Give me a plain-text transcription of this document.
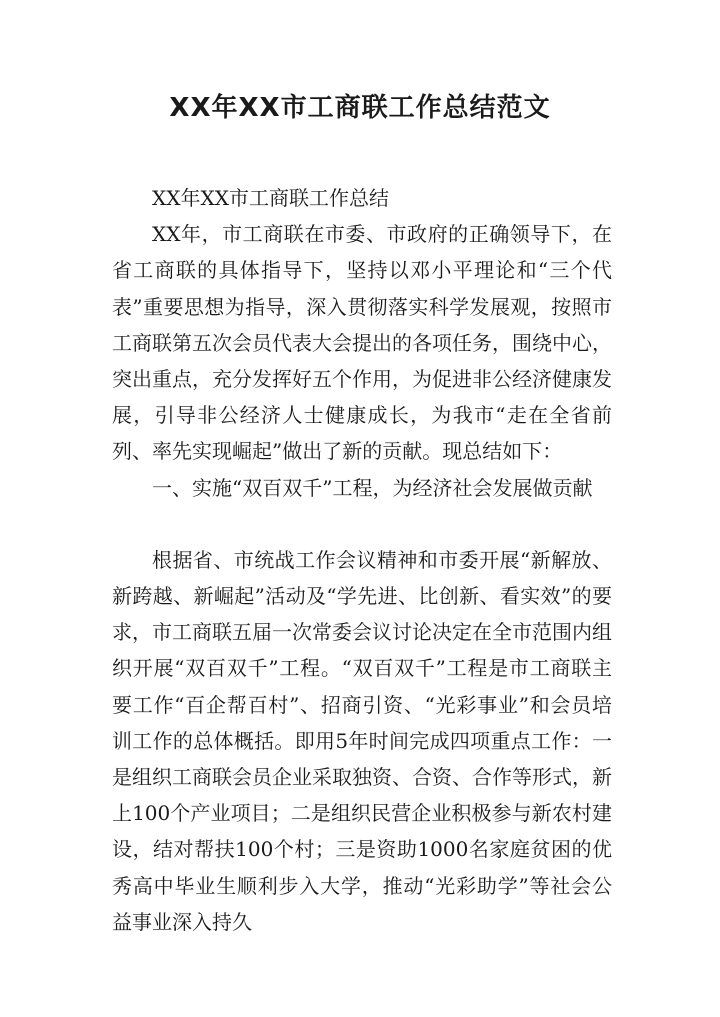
XX年XX市工商联工作总结范文

XX年XX市工商联工作总结

XX年，市工商联在市委、市政府的正确领导下，在省工商联的具体指导下，坚持以邓小平理论和“三个代表”重要思想为指导，深入贯彻落实科学发展观，按照市工商联第五次会员代表大会提出的各项任务，围绕中心，突出重点，充分发挥好五个作用，为促进非公经济健康发展，引导非公经济人士健康成长，为我市“走在全省前列、率先实现崛起”做出了新的贡献。现总结如下：

一、实施“双百双千”工程，为经济社会发展做贡献

根据省、市统战工作会议精神和市委开展“新解放、新跨越、新崛起”活动及“学先进、比创新、看实效”的要求，市工商联五届一次常委会议讨论决定在全市范围内组织开展“双百双千”工程。“双百双千”工程是市工商联主要工作“百企帮百村”、招商引资、“光彩事业”和会员培训工作的总体概括。即用5年时间完成四项重点工作：一是组织工商联会员企业采取独资、合资、合作等形式，新上100个产业项目；二是组织民营企业积极参与新农村建设，结对帮扶100个村；三是资助1000名家庭贫困的优秀高中毕业生顺利步入大学，推动“光彩助学”等社会公益事业深入持久
